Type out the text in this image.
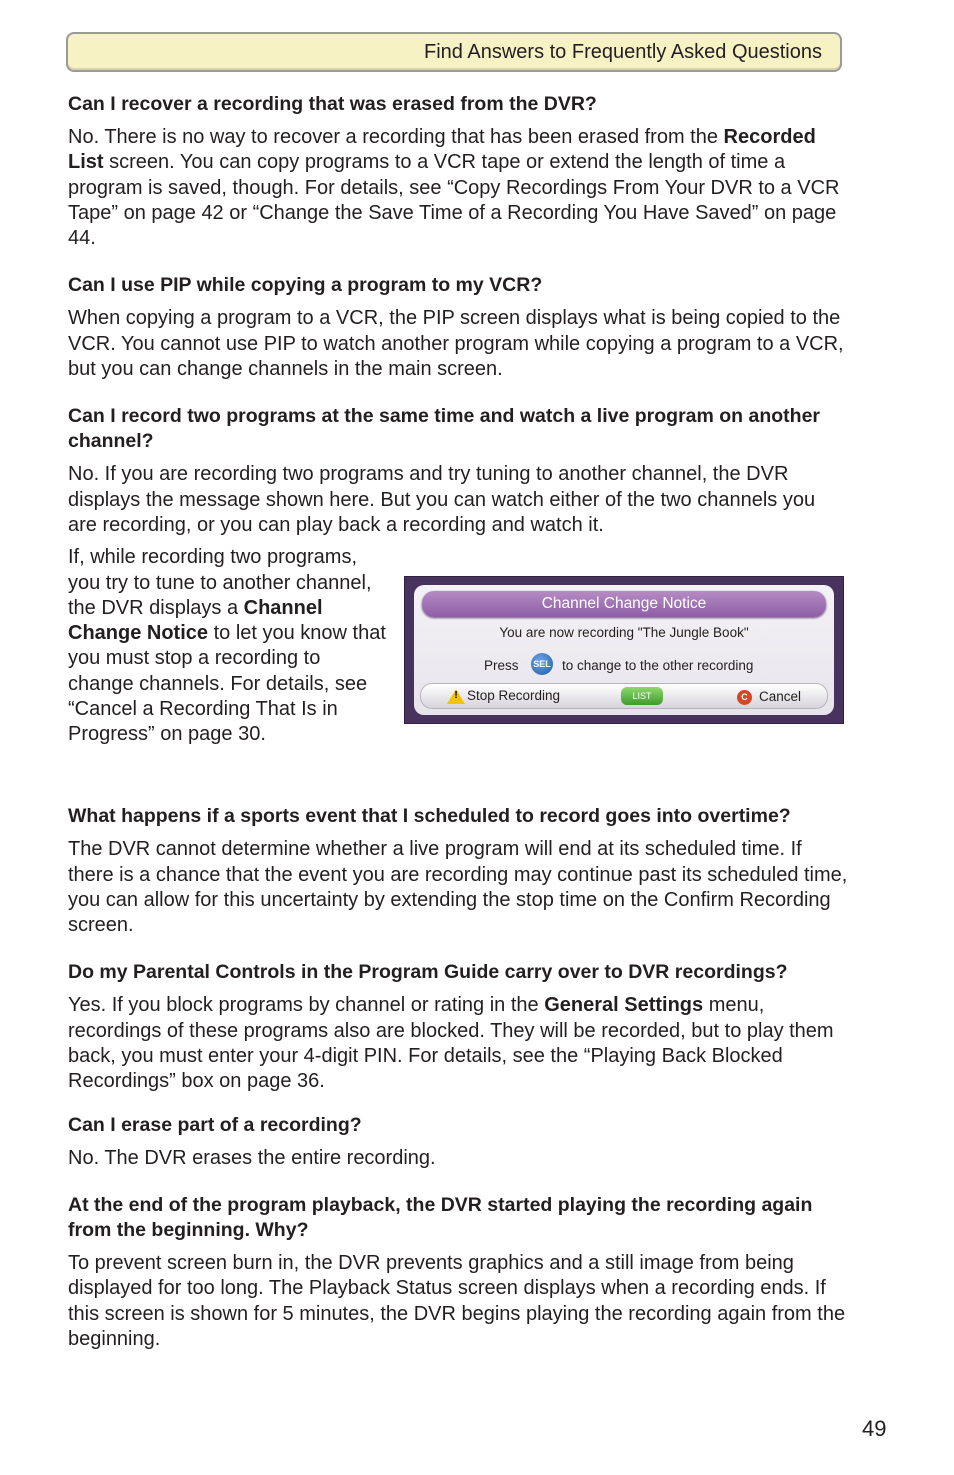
Find Answers to Frequently Asked Questions

Can I recover a recording that was erased from the DVR?

No. There is no way to recover a recording that has been erased from the Recorded List screen. You can copy programs to a VCR tape or extend the length of time a program is saved, though. For details, see “Copy Recordings From Your DVR to a VCR Tape” on page 42 or “Change the Save Time of a Recording You Have Saved” on page 44.

Can I use PIP while copying a program to my VCR?

When copying a program to a VCR, the PIP screen displays what is being copied to the VCR. You cannot use PIP to watch another program while copying a program to a VCR, but you can change channels in the main screen.

Can I record two programs at the same time and watch a live program on another channel?

No. If you are recording two programs and try tuning to another channel, the DVR displays the message shown here. But you can watch either of the two channels you are recording, or you can play back a recording and watch it.

If, while recording two programs, you try to tune to another channel, the DVR displays a Channel Change Notice to let you know that you must stop a recording to change channels. For details, see “Cancel a Recording That Is in Progress” on page 30.

Channel Change Notice
You are now recording "The Jungle Book"
Press SEL to change to the other recording
! Stop Recording	LIST	C Cancel

What happens if a sports event that I scheduled to record goes into overtime?

The DVR cannot determine whether a live program will end at its scheduled time. If there is a chance that the event you are recording may continue past its scheduled time, you can allow for this uncertainty by extending the stop time on the Confirm Recording screen.

Do my Parental Controls in the Program Guide carry over to DVR recordings?

Yes. If you block programs by channel or rating in the General Settings menu, recordings of these programs also are blocked. They will be recorded, but to play them back, you must enter your 4-digit PIN. For details, see the “Playing Back Blocked Recordings” box on page 36.

Can I erase part of a recording?

No. The DVR erases the entire recording.

At the end of the program playback, the DVR started playing the recording again from the beginning. Why?

To prevent screen burn in, the DVR prevents graphics and a still image from being displayed for too long. The Playback Status screen displays when a recording ends. If this screen is shown for 5 minutes, the DVR begins playing the recording again from the beginning.

49
